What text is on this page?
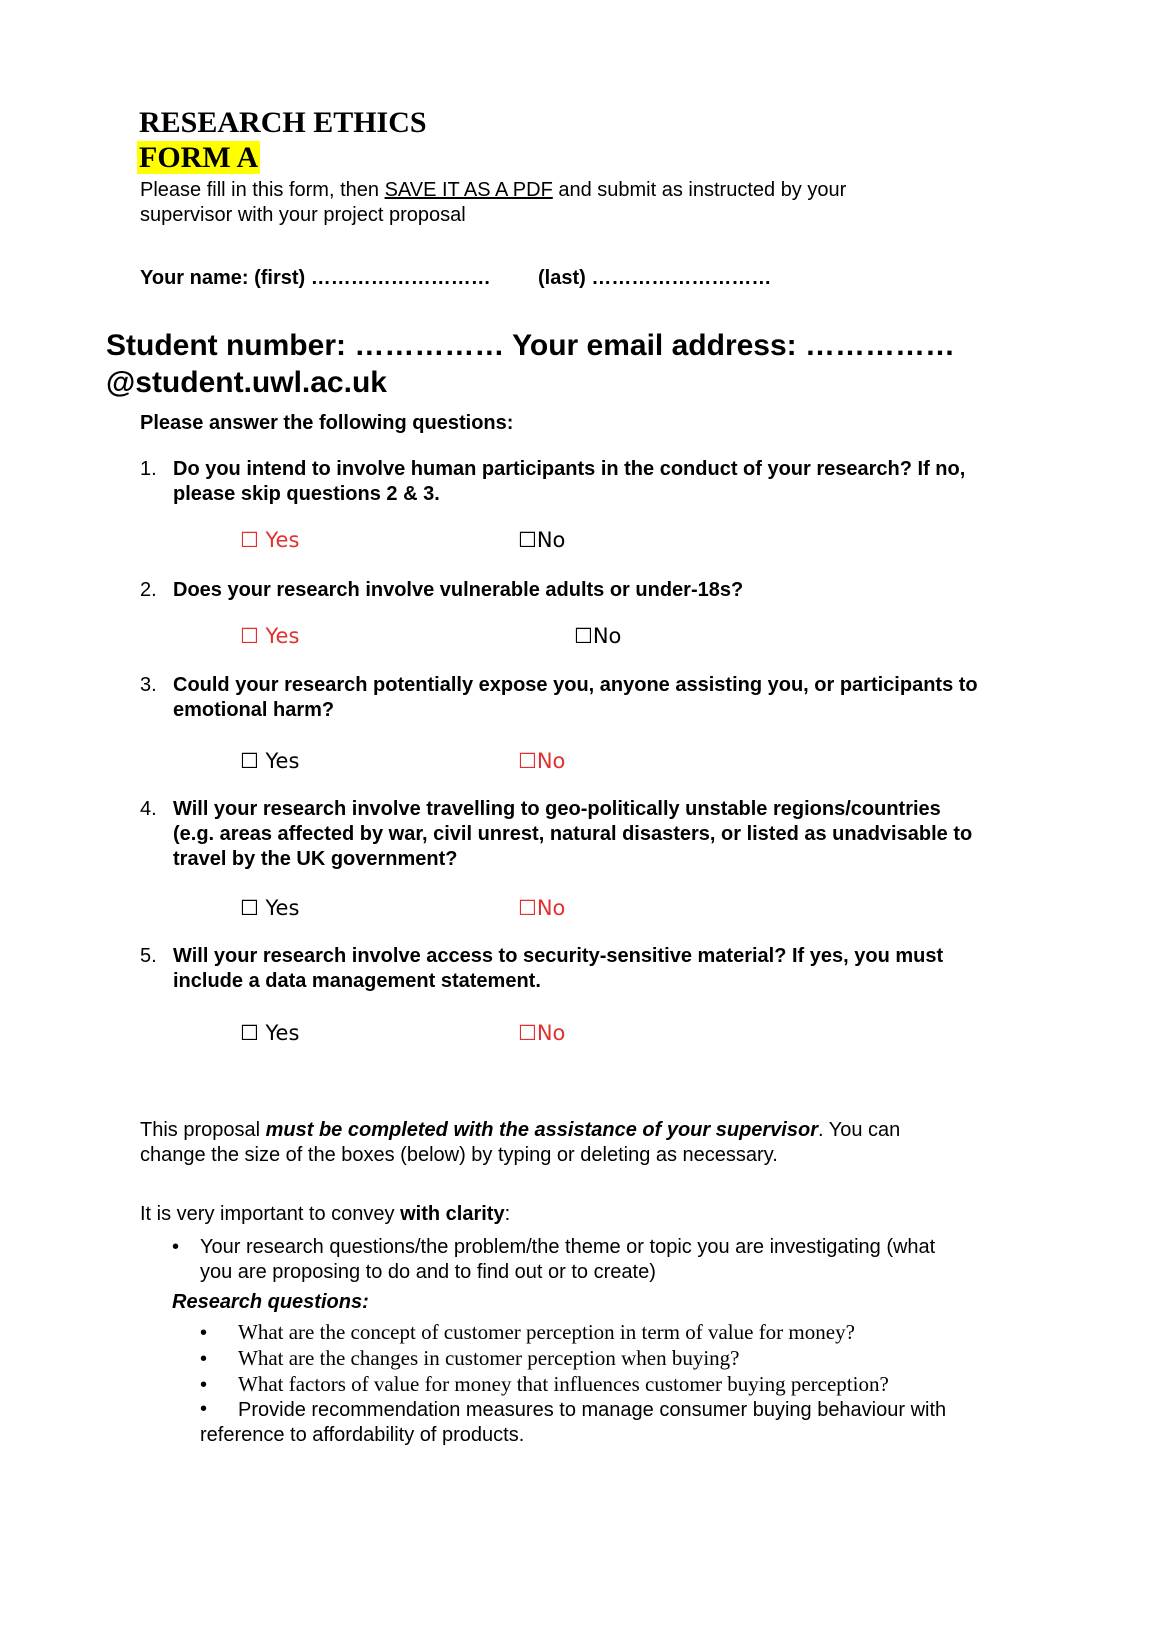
RESEARCH ETHICS
FORM A
Please fill in this form, then SAVE IT AS A PDF and submit as instructed by your
supervisor with your project proposal
Your name: (first) ……………………… (last) ………………………
Student number: …………… Your email address: ……………
@student.uwl.ac.uk
Please answer the following questions:
1. Do you intend to involve human participants in the conduct of your research? If no,
please skip questions 2 & 3.
☐ Yes	☐No
2. Does your research involve vulnerable adults or under-18s?
☐ Yes	☐No
3. Could your research potentially expose you, anyone assisting you, or participants to
emotional harm?
☐ Yes	☐No
4. Will your research involve travelling to geo-politically unstable regions/countries
(e.g. areas affected by war, civil unrest, natural disasters, or listed as unadvisable to
travel by the UK government?
☐ Yes	☐No
5. Will your research involve access to security-sensitive material? If yes, you must
include a data management statement.
☐ Yes	☐No
This proposal must be completed with the assistance of your supervisor. You can
change the size of the boxes (below) by typing or deleting as necessary.
It is very important to convey with clarity:
• Your research questions/the problem/the theme or topic you are investigating (what
you are proposing to do and to find out or to create)
Research questions:
• What are the concept of customer perception in term of value for money?
• What are the changes in customer perception when buying?
• What factors of value for money that influences customer buying perception?
•	Provide recommendation measures to manage consumer buying behaviour with
reference to affordability of products.
